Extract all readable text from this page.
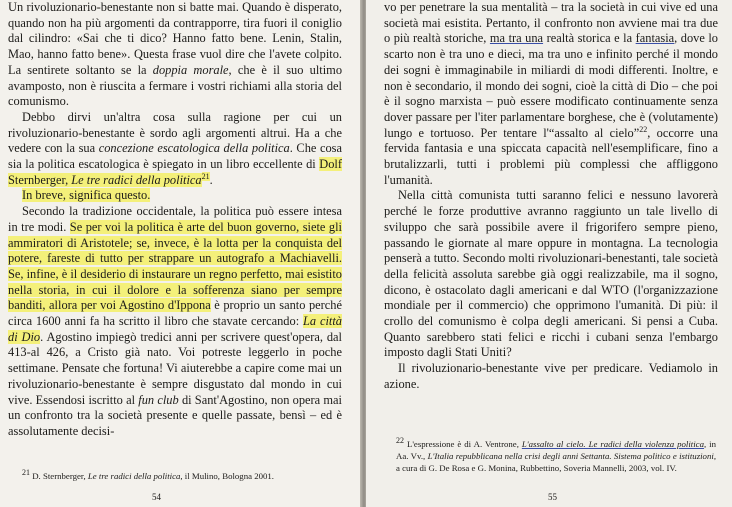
Un rivoluzionario-benestante non si batte mai. Quando è disperato, quando non ha più argomenti da contrapporre, tira fuori il coniglio dal cilindro: «Sai che ti dico? Hanno fatto bene. Lenin, Stalin, Mao, hanno fatto bene». Questa frase vuol dire che l'avete colpito. La sentirete soltanto se la doppia morale, che è il suo ultimo avamposto, non è riuscita a fermare i vostri richiami alla storia del comunismo.

Debbo dirvi un'altra cosa sulla ragione per cui un rivoluzionario-benestante è sordo agli argomenti altrui. Ha a che vedere con la sua concezione escatologica della politica. Che cosa sia la politica escatologica è spiegato in un libro eccellente di Dolf Sternberger, Le tre radici della politica$^{21}$.

In breve, significa questo.

Secondo la tradizione occidentale, la politica può essere intesa in tre modi. Se per voi la politica è arte del buon governo, siete gli ammiratori di Aristotele; se, invece, è la lotta per la conquista del potere, fareste di tutto per strappare un autografo a Machiavelli. Se, infine, è il desiderio di instaurare un regno perfetto, mai esistito nella storia, in cui il dolore e la sofferenza siano per sempre banditi, allora per voi Agostino d'Ippona è proprio un santo perché circa 1600 anni fa ha scritto il libro che stavate cercando: La città di Dio. Agostino impiegò tredici anni per scrivere quest'opera, dal 413-al 426, a Cristo già nato. Voi potreste leggerlo in poche settimane. Pensate che fortuna! Vi aiuterebbe a capire come mai un rivoluzionario-benestante è sempre disgustato dal mondo in cui vive. Essendosi iscritto al fun club di Sant'Agostino, non opera mai un confronto tra la società presente e quelle passate, bensì – ed è assolutamente decisi-

21 D. Sternberger, Le tre radici della politica, il Mulino, Bologna 2001.
54

vo per penetrare la sua mentalità – tra la società in cui vive ed una società mai esistita. Pertanto, il confronto non avviene mai tra due o più realtà storiche, ma tra una realtà storica e la fantasia, dove lo scarto non è tra uno e dieci, ma tra uno e infinito perché il mondo dei sogni è immaginabile in miliardi di modi differenti. Inoltre, e non è secondario, il mondo dei sogni, cioè la città di Dio – che poi è il sogno marxista – può essere modificato continuamente senza dover passare per l'iter parlamentare borghese, che è (volutamente) lungo e tortuoso. Per tentare l'“assalto al cielo”$^{22}$, occorre una fervida fantasia e una spiccata capacità nell'esemplificare, fino a brutalizzarli, tutti i problemi più complessi che affliggono l'umanità.

Nella città comunista tutti saranno felici e nessuno lavorerà perché le forze produttive avranno raggiunto un tale livello di sviluppo che sarà possibile avere il frigorifero sempre pieno, passando le giornate al mare oppure in montagna. La tecnologia penserà a tutto. Secondo molti rivoluzionari-benestanti, tale società della felicità assoluta sarebbe già oggi realizzabile, ma il sogno, dicono, è ostacolato dagli americani e dal WTO (l'organizzazione mondiale per il commercio) che opprimono l'umanità. Di più: il crollo del comunismo è colpa degli americani. Si pensi a Cuba. Quanto sarebbero stati felici e ricchi i cubani senza l'embargo imposto dagli Stati Uniti?

Il rivoluzionario-benestante vive per predicare. Vediamolo in azione.

22 L'espressione è di A. Ventrone, L'assalto al cielo. Le radici della violenza politica, in Aa. Vv., L'Italia repubblicana nella crisi degli anni Settanta. Sistema politico e istituzioni, a cura di G. De Rosa e G. Monina, Rubbettino, Soveria Mannelli, 2003, vol. IV.
55
